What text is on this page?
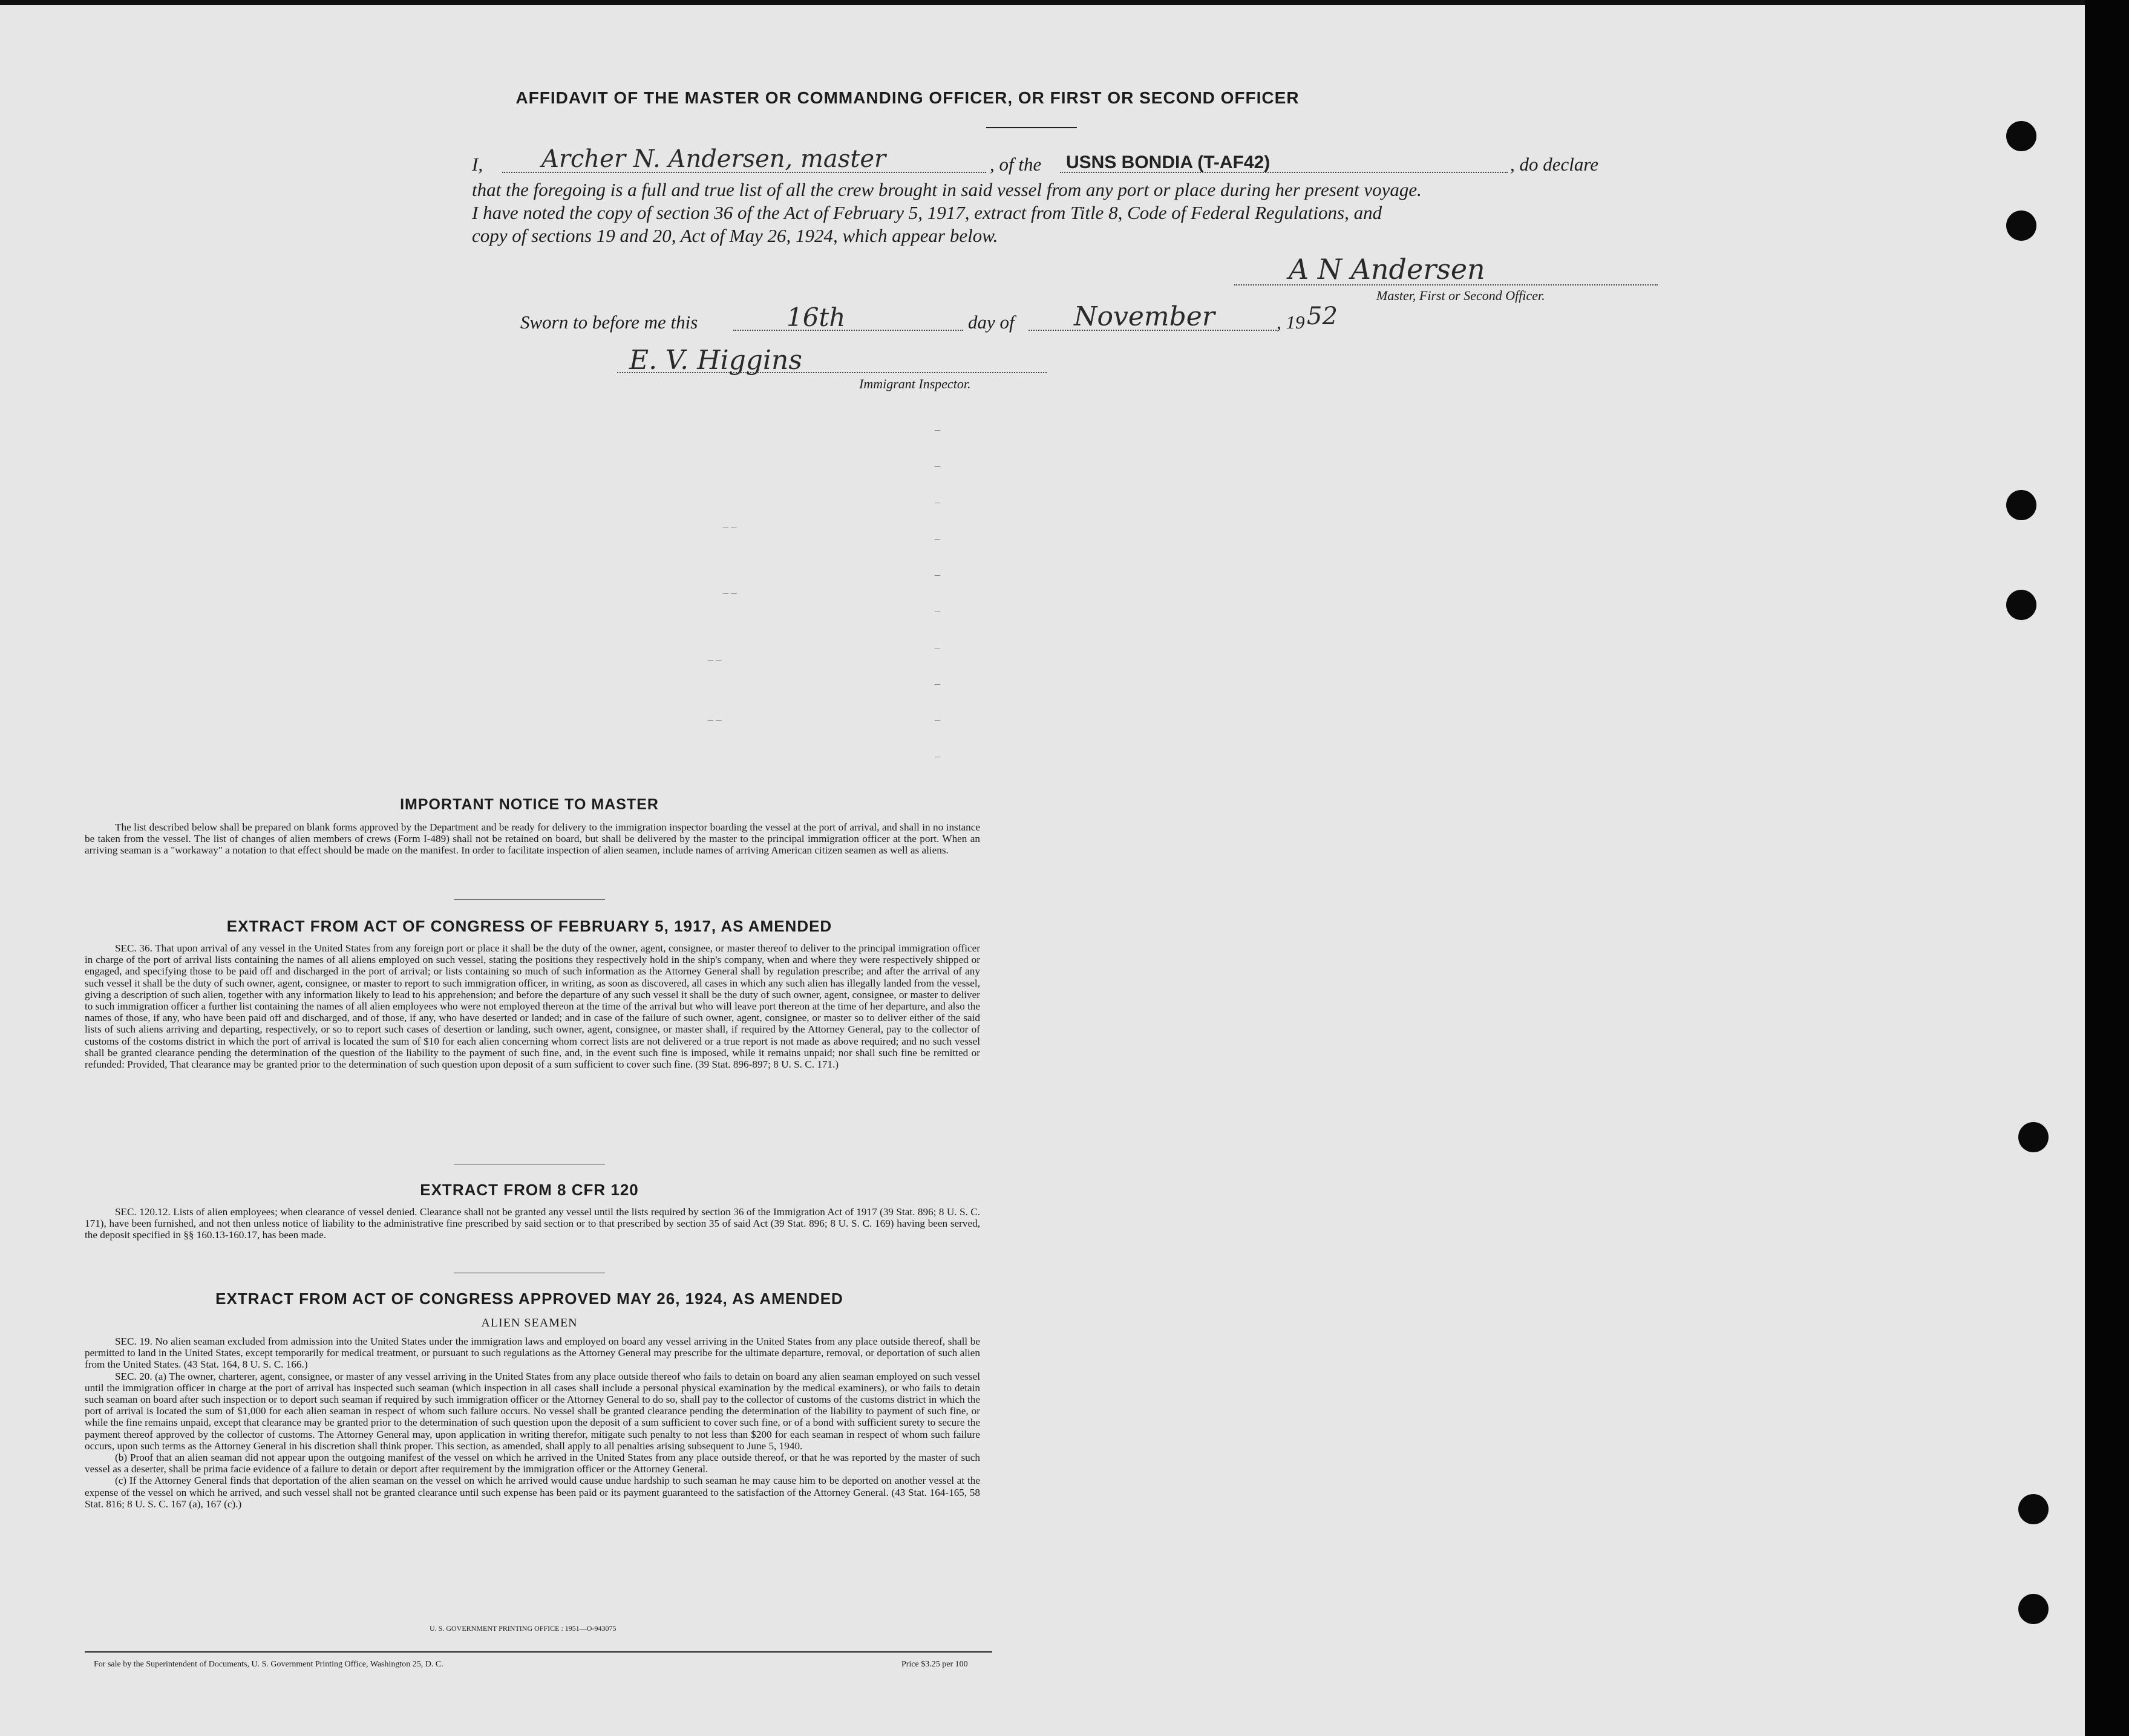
AFFIDAVIT OF THE MASTER OR COMMANDING OFFICER, OR FIRST OR SECOND OFFICER
I,	Archer N. Andersen, master	, of the	USNS BONDIA (T-AF42)	, do declare
that the foregoing is a full and true list of all the crew brought in said vessel from any port or place during her present voyage.
I have noted the copy of section 36 of the Act of February 5, 1917, extract from Title 8, Code of Federal Regulations, and
copy of sections 19 and 20, Act of May 26, 1924, which appear below.
A N Andersen
Master, First or Second Officer.
Sworn to before me this	16th	day of	November	, 19 52
E. V. Higgins
Immigrant Inspector.
IMPORTANT NOTICE TO MASTER

The list described below shall be prepared on blank forms approved by the Department and be ready for delivery to the immigration inspector boarding the vessel at the port of arrival, and shall in no instance be taken from the vessel. The list of changes of alien members of crews (Form I-489) shall not be retained on board, but shall be delivered by the master to the principal immigration officer at the port. When an arriving seaman is a "workaway" a notation to that effect should be made on the manifest. In order to facilitate inspection of alien seamen, include names of arriving American citizen seamen as well as aliens.

EXTRACT FROM ACT OF CONGRESS OF FEBRUARY 5, 1917, AS AMENDED

SEC. 36. That upon arrival of any vessel in the United States from any foreign port or place it shall be the duty of the owner, agent, consignee, or master thereof to deliver to the principal immigration officer in charge of the port of arrival lists containing the names of all aliens employed on such vessel, stating the positions they respectively hold in the ship's company, when and where they were respectively shipped or engaged, and specifying those to be paid off and discharged in the port of arrival; or lists containing so much of such information as the Attorney General shall by regulation prescribe; and after the arrival of any such vessel it shall be the duty of such owner, agent, consignee, or master to report to such immigration officer, in writing, as soon as discovered, all cases in which any such alien has illegally landed from the vessel, giving a description of such alien, together with any information likely to lead to his apprehension; and before the departure of any such vessel it shall be the duty of such owner, agent, consignee, or master to deliver to such immigration officer a further list containing the names of all alien employees who were not employed thereon at the time of the arrival but who will leave port thereon at the time of her departure, and also the names of those, if any, who have been paid off and discharged, and of those, if any, who have deserted or landed; and in case of the failure of such owner, agent, consignee, or master so to deliver either of the said lists of such aliens arriving and departing, respectively, or so to report such cases of desertion or landing, such owner, agent, consignee, or master shall, if required by the Attorney General, pay to the collector of customs of the costoms district in which the port of arrival is located the sum of $10 for each alien concerning whom correct lists are not delivered or a true report is not made as above required; and no such vessel shall be granted clearance pending the determination of the question of the liability to the payment of such fine, and, in the event such fine is imposed, while it remains unpaid; nor shall such fine be remitted or refunded: Provided, That clearance may be granted prior to the determination of such question upon deposit of a sum sufficient to cover such fine. (39 Stat. 896-897; 8 U. S. C. 171.)

EXTRACT FROM 8 CFR 120

SEC. 120.12. Lists of alien employees; when clearance of vessel denied. Clearance shall not be granted any vessel until the lists required by section 36 of the Immigration Act of 1917 (39 Stat. 896; 8 U. S. C. 171), have been furnished, and not then unless notice of liability to the administrative fine prescribed by said section or to that prescribed by section 35 of said Act (39 Stat. 896; 8 U. S. C. 169) having been served, the deposit specified in §§ 160.13-160.17, has been made.

EXTRACT FROM ACT OF CONGRESS APPROVED MAY 26, 1924, AS AMENDED
ALIEN SEAMEN

SEC. 19. No alien seaman excluded from admission into the United States under the immigration laws and employed on board any vessel arriving in the United States from any place outside thereof, shall be permitted to land in the United States, except temporarily for medical treatment, or pursuant to such regulations as the Attorney General may prescribe for the ultimate departure, removal, or deportation of such alien from the United States. (43 Stat. 164, 8 U. S. C. 166.)

SEC. 20. (a) The owner, charterer, agent, consignee, or master of any vessel arriving in the United States from any place outside thereof who fails to detain on board any alien seaman employed on such vessel until the immigration officer in charge at the port of arrival has inspected such seaman (which inspection in all cases shall include a personal physical examination by the medical examiners), or who fails to detain such seaman on board after such inspection or to deport such seaman if required by such immigration officer or the Attorney General to do so, shall pay to the collector of customs of the customs district in which the port of arrival is located the sum of $1,000 for each alien seaman in respect of whom such failure occurs. No vessel shall be granted clearance pending the determination of the liability to payment of such fine, or while the fine remains unpaid, except that clearance may be granted prior to the determination of such question upon the deposit of a sum sufficient to cover such fine, or of a bond with sufficient surety to secure the payment thereof approved by the collector of customs. The Attorney General may, upon application in writing therefor, mitigate such penalty to not less than $200 for each seaman in respect of whom such failure occurs, upon such terms as the Attorney General in his discretion shall think proper. This section, as amended, shall apply to all penalties arising subsequent to June 5, 1940.

(b) Proof that an alien seaman did not appear upon the outgoing manifest of the vessel on which he arrived in the United States from any place outside thereof, or that he was reported by the master of such vessel as a deserter, shall be prima facie evidence of a failure to detain or deport after requirement by the immigration officer or the Attorney General.

(c) If the Attorney General finds that deportation of the alien seaman on the vessel on which he arrived would cause undue hardship to such seaman he may cause him to be deported on another vessel at the expense of the vessel on which he arrived, and such vessel shall not be granted clearance until such expense has been paid or its payment guaranteed to the satisfaction of the Attorney General. (43 Stat. 164-165, 58 Stat. 816; 8 U. S. C. 167 (a), 167 (c).)

U. S. GOVERNMENT PRINTING OFFICE : 1951—O-943075
For sale by the Superintendent of Documents, U. S. Government Printing Office, Washington 25, D. C.	Price $3.25 per 100
–
–
–
–
–
–
–
–
–
–
– –
– –
– –
– –
